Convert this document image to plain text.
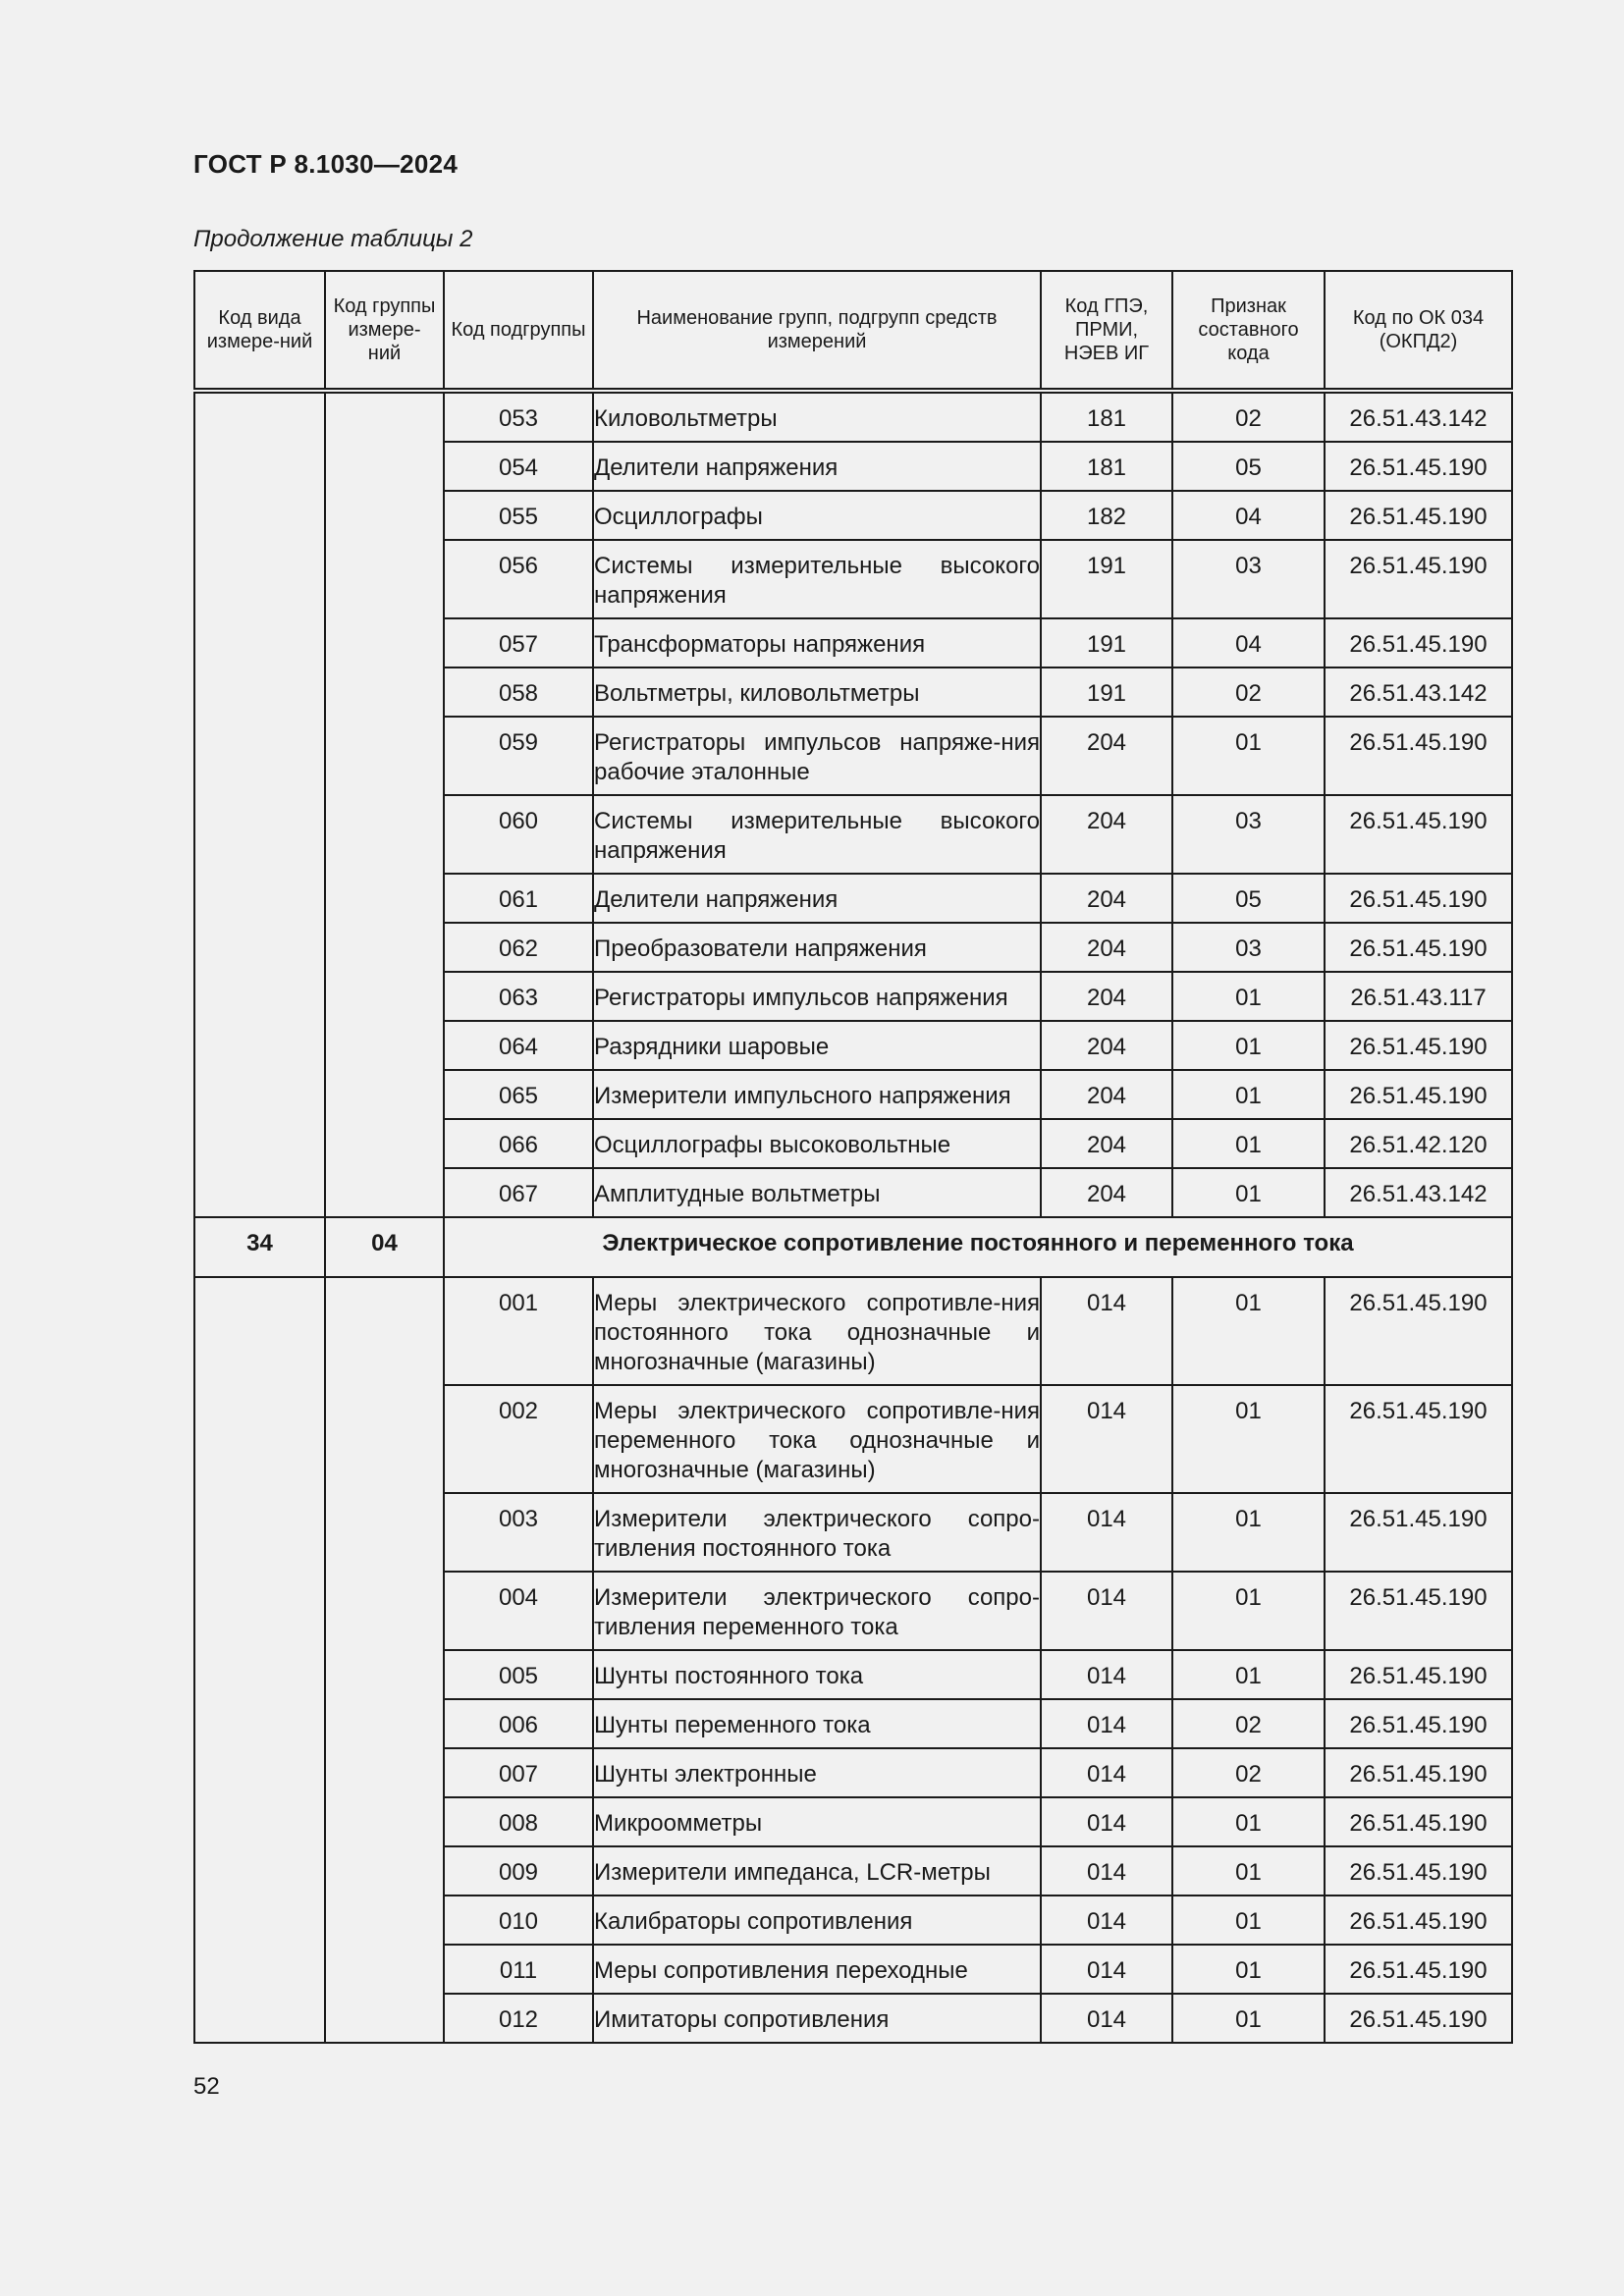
ГОСТ Р 8.1030—2024
Продолжение таблицы 2
Код вида измере-ний	Код группы измере-ний	Код подгруппы	Наименование групп, подгрупп средств измерений	Код ГПЭ, ПРМИ, НЭЕВ ИГ	Признак составного кода	Код по ОК 034 (ОКПД2)
		053	Киловольтметры	181	02	26.51.43.142
		054	Делители напряжения	181	05	26.51.45.190
		055	Осциллографы	182	04	26.51.45.190
		056	Системы измерительные высокого напряжения	191	03	26.51.45.190
		057	Трансформаторы напряжения	191	04	26.51.45.190
		058	Вольтметры, киловольтметры	191	02	26.51.43.142
		059	Регистраторы импульсов напряже-ния рабочие эталонные	204	01	26.51.45.190
		060	Системы измерительные высокого напряжения	204	03	26.51.45.190
		061	Делители напряжения	204	05	26.51.45.190
		062	Преобразователи напряжения	204	03	26.51.45.190
		063	Регистраторы импульсов напряжения	204	01	26.51.43.117
		064	Разрядники шаровые	204	01	26.51.45.190
		065	Измерители импульсного напряжения	204	01	26.51.45.190
		066	Осциллографы высоковольтные	204	01	26.51.42.120
		067	Амплитудные вольтметры	204	01	26.51.43.142
34	04	Электрическое сопротивление постоянного и переменного тока				
		001	Меры электрического сопротивле-ния постоянного тока однозначные и многозначные (магазины)	014	01	26.51.45.190
		002	Меры электрического сопротивле-ния переменного тока однозначные и многозначные (магазины)	014	01	26.51.45.190
		003	Измерители электрического сопро-тивления постоянного тока	014	01	26.51.45.190
		004	Измерители электрического сопро-тивления переменного тока	014	01	26.51.45.190
		005	Шунты постоянного тока	014	01	26.51.45.190
		006	Шунты переменного тока	014	02	26.51.45.190
		007	Шунты электронные	014	02	26.51.45.190
		008	Микроомметры	014	01	26.51.45.190
		009	Измерители импеданса, LCR-метры	014	01	26.51.45.190
		010	Калибраторы сопротивления	014	01	26.51.45.190
		011	Меры сопротивления переходные	014	01	26.51.45.190
		012	Имитаторы сопротивления	014	01	26.51.45.190
52
